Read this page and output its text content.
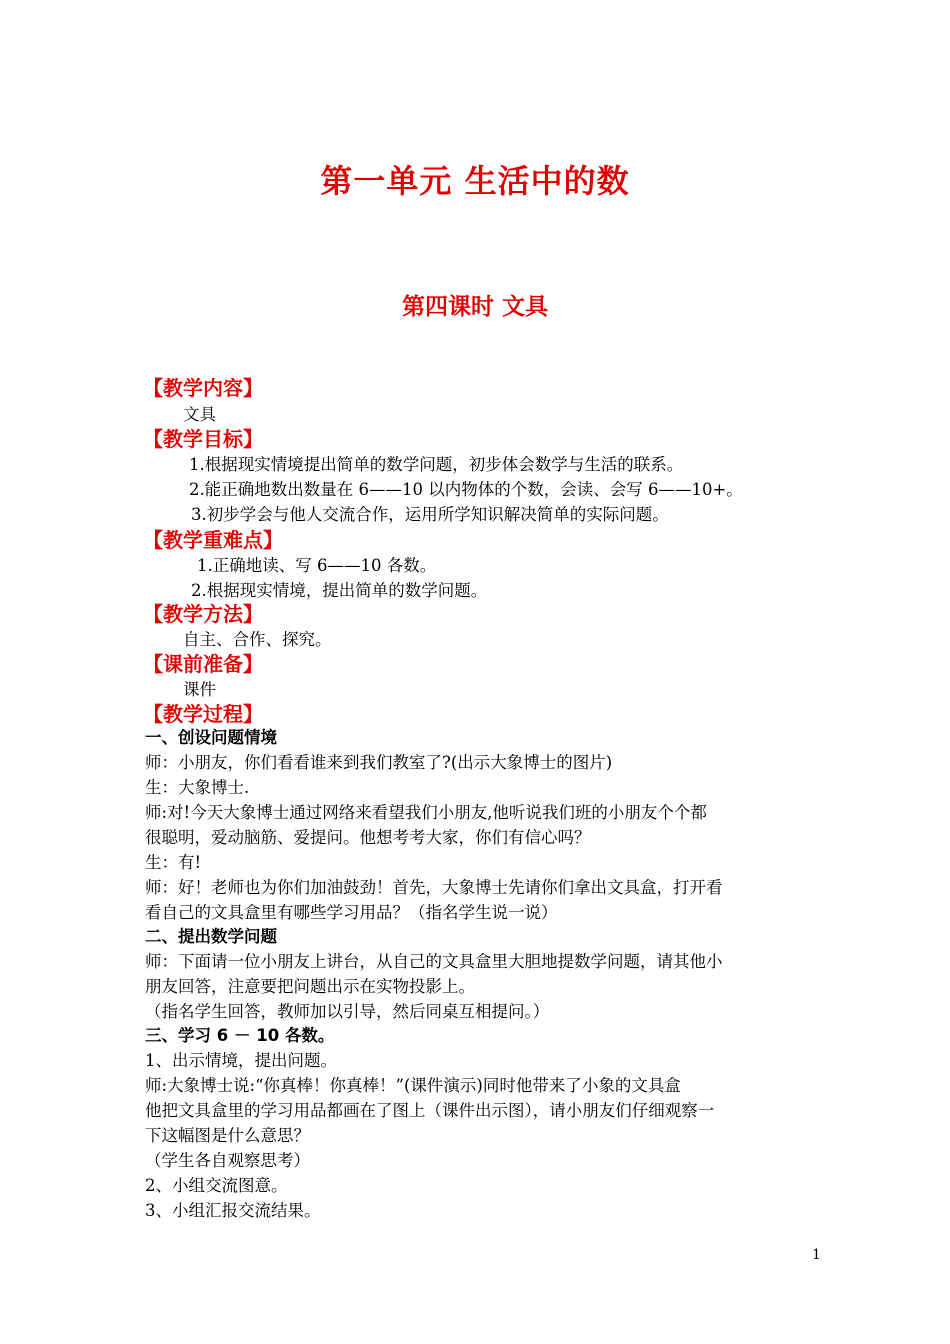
第一单元 生活中的数
第四课时 文具
【教学内容】
文具
【教学目标】
1.根据现实情境提出简单的数学问题，初步体会数学与生活的联系。
2.能正确地数出数量在 6——10 以内物体的个数，会读、会写 6——10+。
3.初步学会与他人交流合作，运用所学知识解决简单的实际问题。
【教学重难点】
1.正确地读、写 6——10 各数。
2.根据现实情境，提出简单的数学问题。
【教学方法】
自主、合作、探究。
【课前准备】
课件
【教学过程】
一、创设问题情境
师：小朋友，你们看看谁来到我们教室了?(出示大象博士的图片)
生：大象博士.
师:对!今天大象博士通过网络来看望我们小朋友,他听说我们班的小朋友个个都
很聪明，爱动脑筋、爱提问。他想考考大家，你们有信心吗？
生：有!
师：好！老师也为你们加油鼓劲！首先，大象博士先请你们拿出文具盒，打开看
看自己的文具盒里有哪些学习用品？（指名学生说一说）
二、提出数学问题
师：下面请一位小朋友上讲台，从自己的文具盒里大胆地提数学问题，请其他小
朋友回答，注意要把问题出示在实物投影上。
（指名学生回答，教师加以引导，然后同桌互相提问。）
三、学习 6 － 10 各数。
1、出示情境，提出问题。
师:大象博士说:“你真棒！你真棒！”(课件演示)同时他带来了小象的文具盒
他把文具盒里的学习用品都画在了图上（课件出示图），请小朋友们仔细观察一
下这幅图是什么意思？
（学生各自观察思考）
2、小组交流图意。
3、小组汇报交流结果。
1
